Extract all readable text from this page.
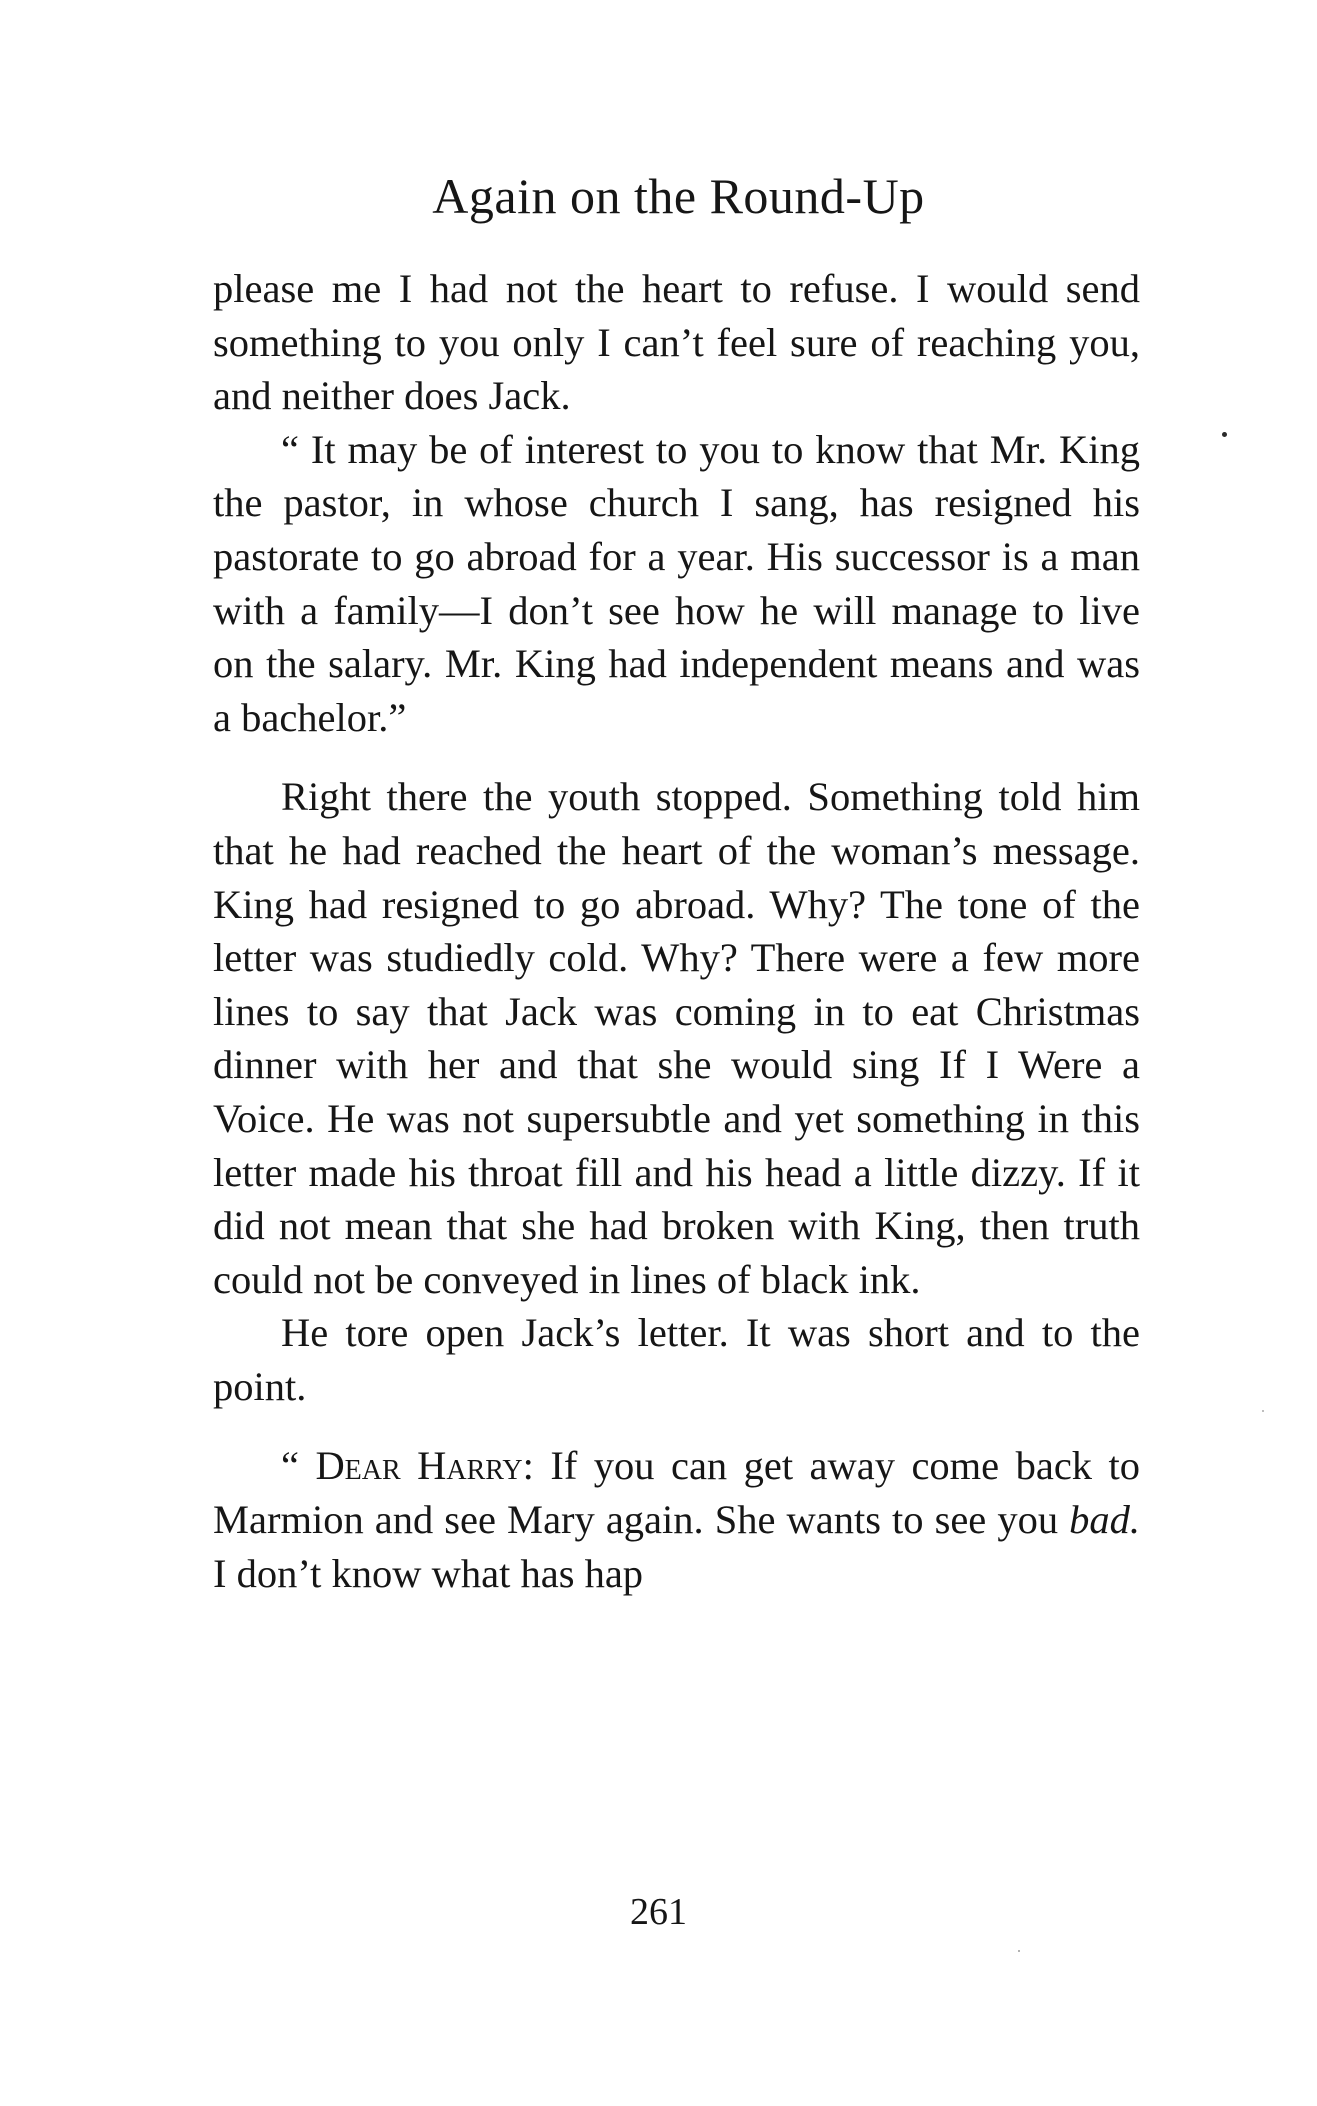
Again on the Round-Up

please me I had not the heart to refuse. I would send something to you only I can’t feel sure of reaching you, and neither does Jack.

“ It may be of interest to you to know that Mr. King the pastor, in whose church I sang, has resigned his pastorate to go abroad for a year. His successor is a man with a family—I don’t see how he will manage to live on the salary. Mr. King had independent means and was a bachelor.”

Right there the youth stopped. Something told him that he had reached the heart of the woman’s message. King had resigned to go abroad. Why? The tone of the letter was studiedly cold. Why? There were a few more lines to say that Jack was coming in to eat Christmas dinner with her and that she would sing If I Were a Voice. He was not supersubtle and yet something in this letter made his throat fill and his head a little dizzy. If it did not mean that she had broken with King, then truth could not be conveyed in lines of black ink.

He tore open Jack’s letter. It was short and to the point.

“ Dear Harry: If you can get away come back to Marmion and see Mary again. She wants to see you bad. I don’t know what has hap

261
